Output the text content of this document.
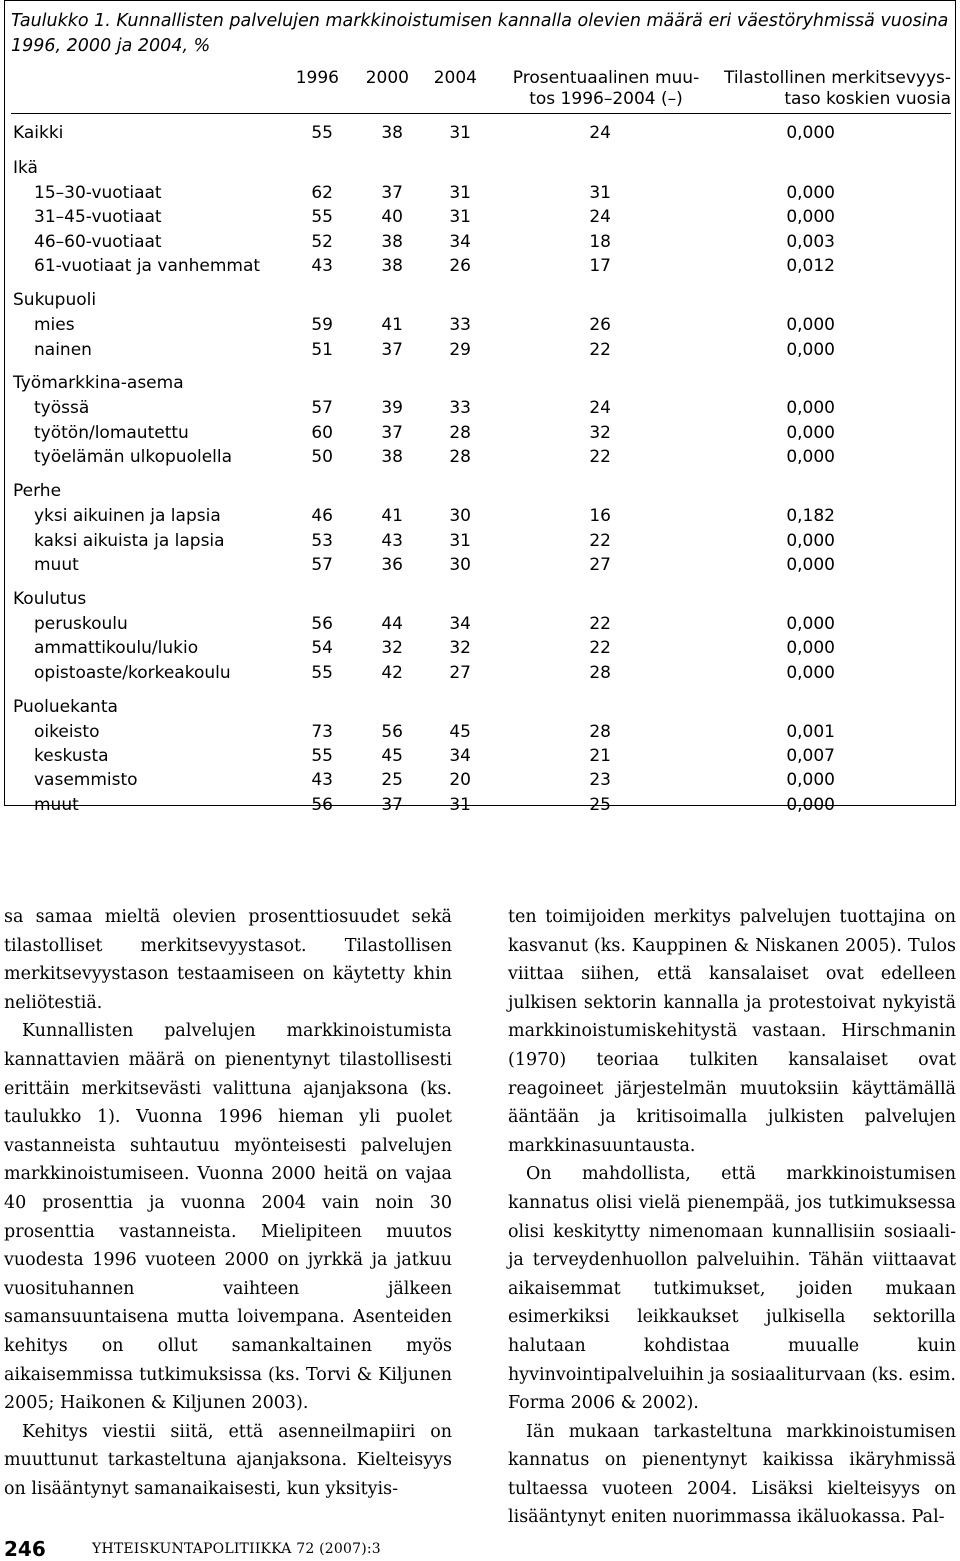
Taulukko 1. Kunnallisten palvelujen markkinoistumisen kannalla olevien määrä eri väestöryhmissä vuosina 1996, 2000 ja 2004, %
1996	2000	2004	Prosentuaalinen muu-
tos 1996–2004 (–)
Tilastollinen merkitsevyys-
taso koskien vuosia
Kaikki	55	38	31	24	0,000
Ikä
15–30-vuotiaat	62	37	31	31	0,000
31–45-vuotiaat	55	40	31	24	0,000
46–60-vuotiaat	52	38	34	18	0,003
61-vuotiaat ja vanhemmat	43	38	26	17	0,012
Sukupuoli
mies	59	41	33	26	0,000
nainen	51	37	29	22	0,000
Työmarkkina-asema
työssä	57	39	33	24	0,000
työtön/lomautettu	60	37	28	32	0,000
työelämän ulkopuolella	50	38	28	22	0,000
Perhe
yksi aikuinen ja lapsia	46	41	30	16	0,182
kaksi aikuista ja lapsia	53	43	31	22	0,000
muut	57	36	30	27	0,000
Koulutus
peruskoulu	56	44	34	22	0,000
ammattikoulu/lukio	54	32	32	22	0,000
opistoaste/korkeakoulu	55	42	27	28	0,000
Puoluekanta
oikeisto	73	56	45	28	0,001
keskusta	55	45	34	21	0,007
vasemmisto	43	25	20	23	0,000
muut	56	37	31	25	0,000

sa samaa mieltä olevien prosenttiosuudet sekä tilastolliset merkitsevyystasot. Tilastollisen merkitsevyystason testaamiseen on käytetty khin neliötestiä.

Kunnallisten palvelujen markkinoistumista kannattavien määrä on pienentynyt tilastollisesti erittäin merkitsevästi valittuna ajanjaksona (ks. taulukko 1). Vuonna 1996 hieman yli puolet vastanneista suhtautuu myönteisesti palvelujen markkinoistumiseen. Vuonna 2000 heitä on vajaa 40 prosenttia ja vuonna 2004 vain noin 30 prosenttia vastanneista. Mielipiteen muutos vuodesta 1996 vuoteen 2000 on jyrkkä ja jatkuu vuosituhannen vaihteen jälkeen samansuuntaisena mutta loivempana. Asenteiden kehitys on ollut samankaltainen myös aikaisemmissa tutkimuksissa (ks. Torvi & Kiljunen 2005; Haikonen & Kiljunen 2003).

Kehitys viestii siitä, että asenneilmapiiri on muuttunut tarkasteltuna ajanjaksona. Kielteisyys on lisääntynyt samanaikaisesti, kun yksityis-

ten toimijoiden merkitys palvelujen tuottajina on kasvanut (ks. Kauppinen & Niskanen 2005). Tulos viittaa siihen, että kansalaiset ovat edelleen julkisen sektorin kannalla ja protestoivat nykyistä markkinoistumiskehitystä vastaan. Hirschmanin (1970) teoriaa tulkiten kansalaiset ovat reagoineet järjestelmän muutoksiin käyttämällä ääntään ja kritisoimalla julkisten palvelujen markkinasuuntausta.

On mahdollista, että markkinoistumisen kannatus olisi vielä pienempää, jos tutkimuksessa olisi keskitytty nimenomaan kunnallisiin sosiaali- ja terveydenhuollon palveluihin. Tähän viittaavat aikaisemmat tutkimukset, joiden mukaan esimerkiksi leikkaukset julkisella sektorilla halutaan kohdistaa muualle kuin hyvinvointipalveluihin ja sosiaaliturvaan (ks. esim. Forma 2006 & 2002).

Iän mukaan tarkasteltuna markkinoistumisen kannatus on pienentynyt kaikissa ikäryhmissä tultaessa vuoteen 2004. Lisäksi kielteisyys on lisääntynyt eniten nuorimmassa ikäluokassa. Pal-

246	YHTEISKUNTAPOLITIIKKA 72 (2007):3
